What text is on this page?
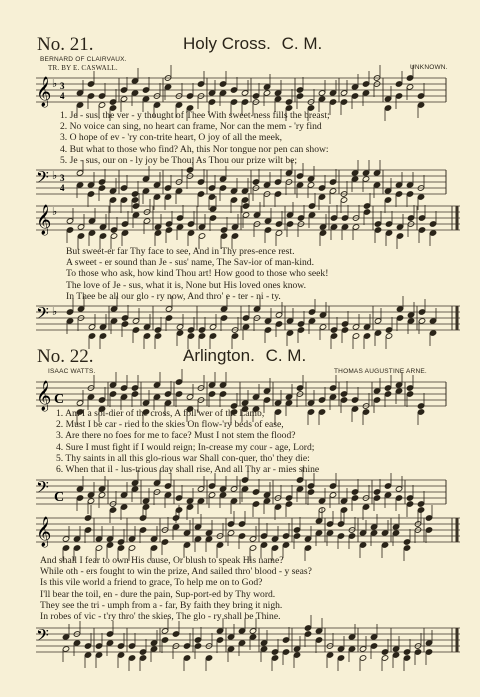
No. 21.	Holy Cross. C. M.
BERNARD OF CLAIRVAUX.
TR. BY E. CASWALL.	UNKNOWN.
𝄞 ♭ 3
4
1. Je - sus, the ver - y thought of Thee With sweet-ness fills the breast;
2. No voice can sing, no heart can frame, Nor can the mem - 'ry find
3. O hope of ev - 'ry con-trite heart, O joy of all the meek,
4. But what to those who find? Ah, this Nor tongue nor pen can show:
5. Je - sus, our on - ly joy be Thou, As Thou our prize wilt be;
𝄢 ♭ 3
4
𝄞 ♭
But sweet-er far Thy face to see, And in Thy pres-ence rest.
A sweet - er sound than Je - sus' name, The Sav-ior of man-kind.
To those who ask, how kind Thou art! How good to those who seek!
The love of Je - sus, what it is, None but His loved ones know.
In Thee be all our glo - ry now, And thro' e - ter - ni - ty.
𝄢 ♭
No. 22.	Arlington. C. M.
ISAAC WATTS.	THOMAS AUGUSTINE ARNE.
𝄞 C
1. Am I a sol-dier of the cross, A foll'wer of the Lamb,
2. Must I be car - ried to the skies On flow-'ry beds of ease,
3. Are there no foes for me to face? Must I not stem the flood?
4. Sure I must fight if I would reign; In-crease my cour - age, Lord;
5. Thy saints in all this glo-rious war Shall con-quer, tho' they die:
6. When that il - lus-trious day shall rise, And all Thy ar - mies shine
𝄢 C
𝄞
And shall I fear to own His cause, Or blush to speak His name?
While oth - ers fought to win the prize, And sailed thro' blood - y seas?
Is this vile world a friend to grace, To help me on to God?
I'll bear the toil, en - dure the pain, Sup-port-ed by Thy word.
They see the tri - umph from a - far, By faith they bring it nigh.
In robes of vic - t'ry thro' the skies, The glo - ry shall be Thine.
𝄢
